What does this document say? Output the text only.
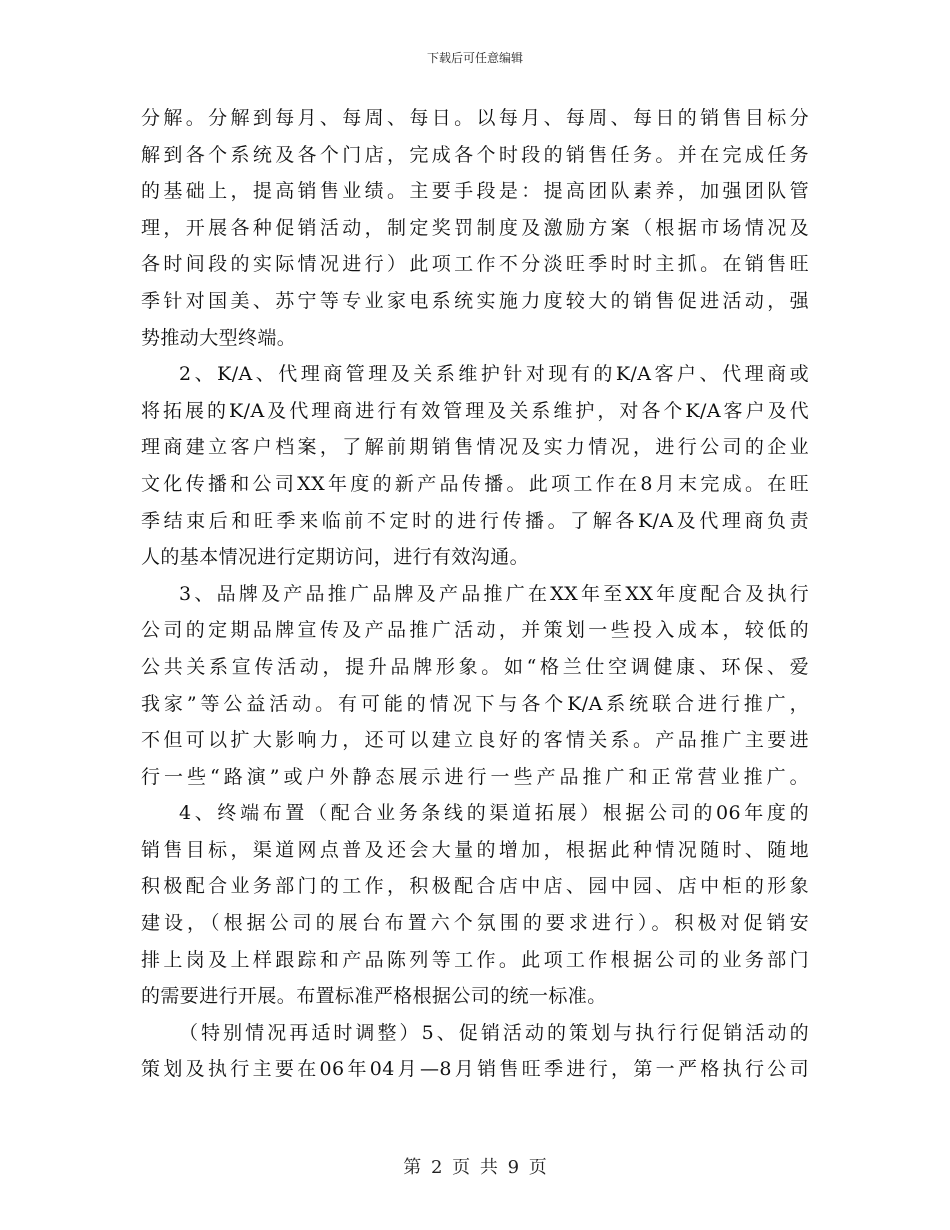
下载后可任意编辑
分解。分解到每月、每周、每日。以每月、每周、每日的销售目标分
解到各个系统及各个门店，完成各个时段的销售任务。并在完成任务
的基础上，提高销售业绩。主要手段是：提高团队素养，加强团队管
理，开展各种促销活动，制定奖罚制度及激励方案（根据市场情况及
各时间段的实际情况进行）此项工作不分淡旺季时时主抓。在销售旺
季针对国美、苏宁等专业家电系统实施力度较大的销售促进活动，强
势推动大型终端。
2、K/A、代理商管理及关系维护针对现有的K/A客户、代理商或
将拓展的K/A及代理商进行有效管理及关系维护，对各个K/A客户及代
理商建立客户档案，了解前期销售情况及实力情况，进行公司的企业
文化传播和公司XX年度的新产品传播。此项工作在8月末完成。在旺
季结束后和旺季来临前不定时的进行传播。了解各K/A及代理商负责
人的基本情况进行定期访问，进行有效沟通。
3、品牌及产品推广品牌及产品推广在XX年至XX年度配合及执行
公司的定期品牌宣传及产品推广活动，并策划一些投入成本，较低的
公共关系宣传活动，提升品牌形象。如“格兰仕空调健康、环保、爱
我家”等公益活动。有可能的情况下与各个K/A系统联合进行推广，
不但可以扩大影响力，还可以建立良好的客情关系。产品推广主要进
行一些“路演”或户外静态展示进行一些产品推广和正常营业推广。
4、终端布置（配合业务条线的渠道拓展）根据公司的06年度的
销售目标，渠道网点普及还会大量的增加，根据此种情况随时、随地
积极配合业务部门的工作，积极配合店中店、园中园、店中柜的形象
建设，（根据公司的展台布置六个氛围的要求进行）。积极对促销安
排上岗及上样跟踪和产品陈列等工作。此项工作根据公司的业务部门
的需要进行开展。布置标准严格根据公司的统一标准。
（特别情况再适时调整）5、促销活动的策划与执行行促销活动的
策划及执行主要在06年04月—8月销售旺季进行，第一严格执行公司
第 2 页 共 9 页
